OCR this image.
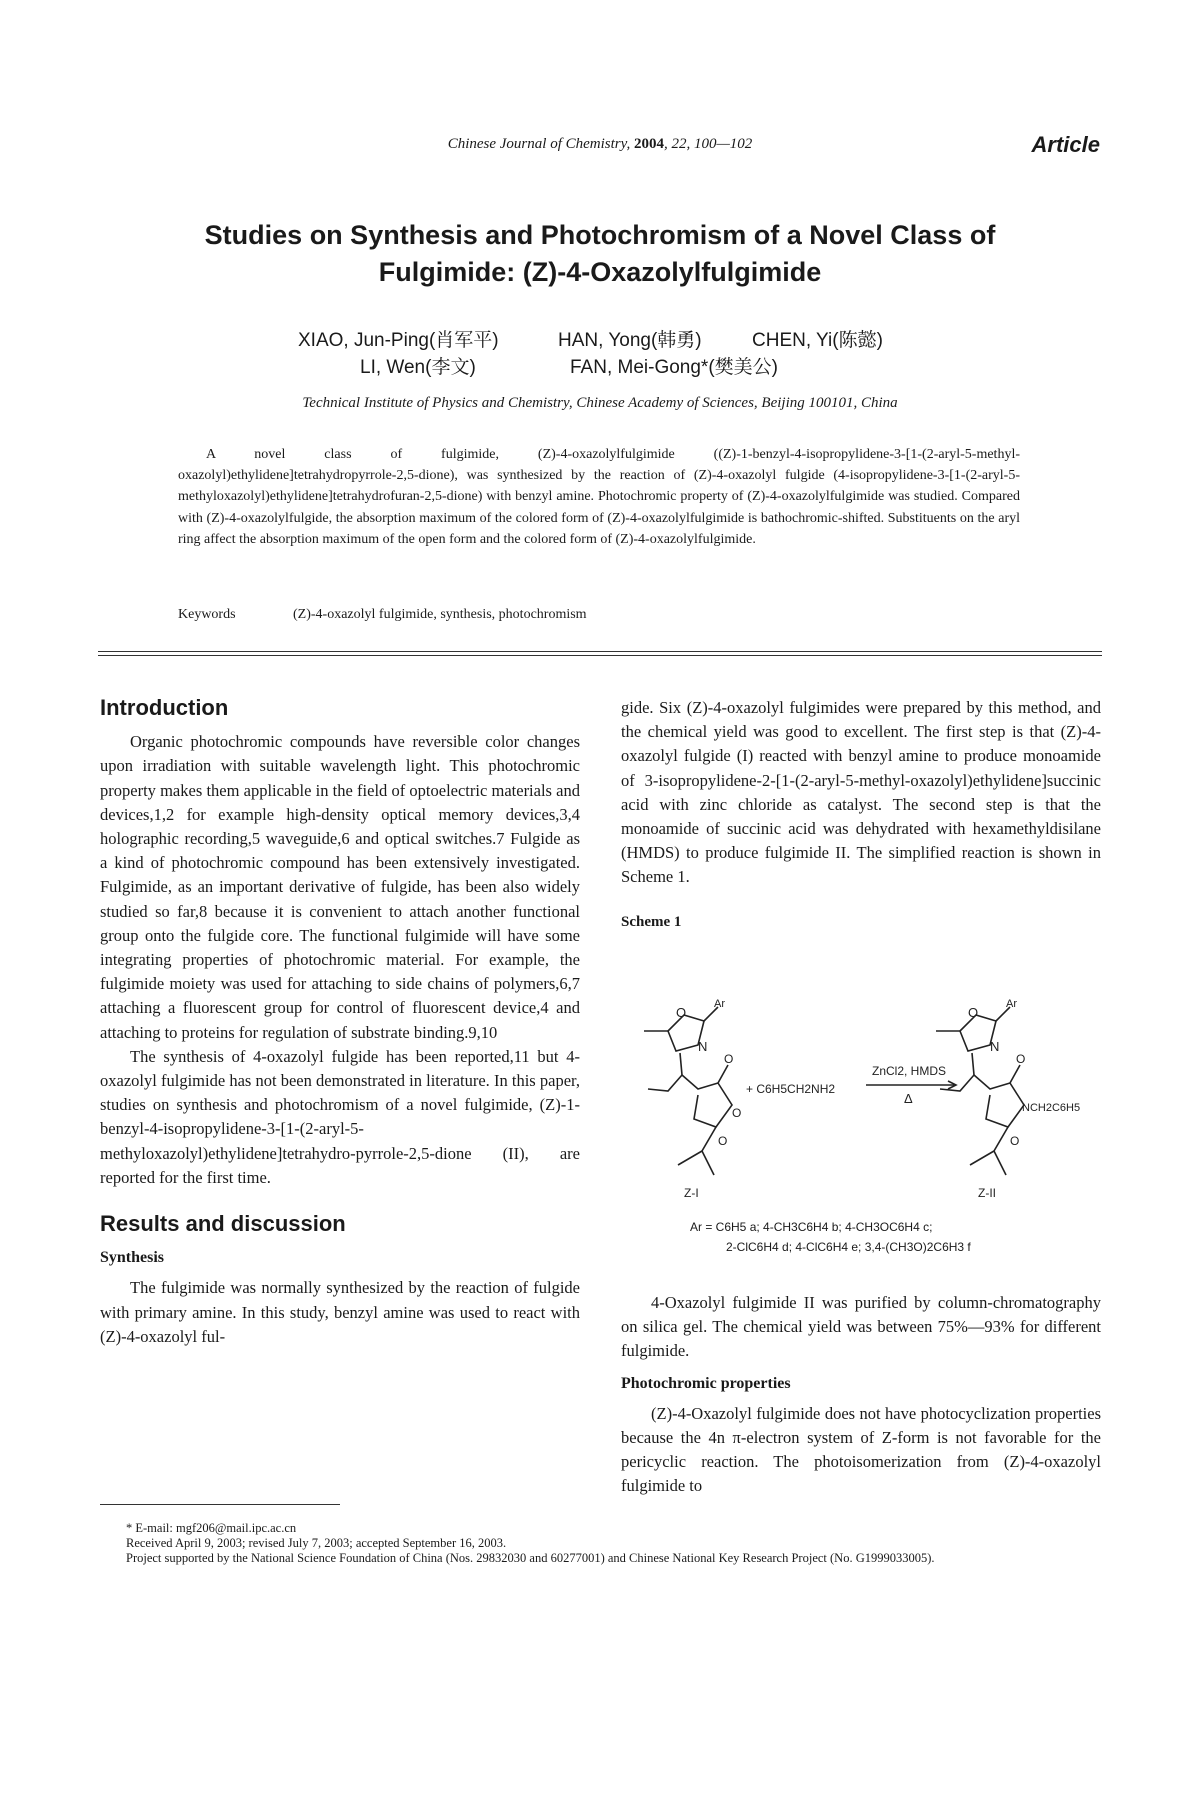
Chinese Journal of Chemistry, 2004, 22, 100—102	Article
Studies on Synthesis and Photochromism of a Novel Class of
Fulgimide: (Z)-4-Oxazolylfulgimide
XIAO, Jun-Ping(肖军平)	HAN, Yong(韩勇)	CHEN, Yi(陈懿)
LI, Wen(李文)	FAN, Mei-Gong*(樊美公)
Technical Institute of Physics and Chemistry, Chinese Academy of Sciences, Beijing 100101, China
A novel class of fulgimide, (Z)-4-oxazolylfulgimide ((Z)-1-benzyl-4-isopropylidene-3-[1-(2-aryl-5-methyl-oxazolyl)ethylidene]tetrahydropyrrole-2,5-dione), was synthesized by the reaction of (Z)-4-oxazolyl fulgide (4-isopropylidene-3-[1-(2-aryl-5-methyloxazolyl)ethylidene]tetrahydrofuran-2,5-dione) with benzyl amine. Photochromic property of (Z)-4-oxazolylfulgimide was studied. Compared with (Z)-4-oxazolylfulgide, the absorption maximum of the colored form of (Z)-4-oxazolylfulgimide is bathochromic-shifted. Substituents on the aryl ring affect the absorption maximum of the open form and the colored form of (Z)-4-oxazolylfulgimide.
Keywords	(Z)-4-oxazolyl fulgimide, synthesis, photochromism
Introduction

Organic photochromic compounds have reversible color changes upon irradiation with suitable wavelength light. This photochromic property makes them applicable in the field of optoelectric materials and devices,1,2 for example high-density optical memory devices,3,4 holographic recording,5 waveguide,6 and optical switches.7 Fulgide as a kind of photochromic compound has been extensively investigated. Fulgimide, as an important derivative of fulgide, has been also widely studied so far,8 because it is convenient to attach another functional group onto the fulgide core. The functional fulgimide will have some integrating properties of photochromic material. For example, the fulgimide moiety was used for attaching to side chains of polymers,6,7 attaching a fluorescent group for control of fluorescent device,4 and attaching to proteins for regulation of substrate binding.9,10

The synthesis of 4-oxazolyl fulgide has been reported,11 but 4-oxazolyl fulgimide has not been demonstrated in literature. In this paper, studies on synthesis and photochromism of a novel fulgimide, (Z)-1-benzyl-4-isopropylidene-3-[1-(2-aryl-5-methyloxazolyl)ethylidene]tetrahydro-pyrrole-2,5-dione (II), are reported for the first time.

Results and discussion
Synthesis

The fulgimide was normally synthesized by the reaction of fulgide with primary amine. In this study, benzyl amine was used to react with (Z)-4-oxazolyl ful-

gide. Six (Z)-4-oxazolyl fulgimides were prepared by this method, and the chemical yield was good to excellent. The first step is that (Z)-4-oxazolyl fulgide (I) reacted with benzyl amine to produce monoamide of 3-isopropylidene-2-[1-(2-aryl-5-methyl-oxazolyl)ethylidene]succinic acid with zinc chloride as catalyst. The second step is that the monoamide of succinic acid was dehydrated with hexamethyldisilane (HMDS) to produce fulgimide II. The simplified reaction is shown in Scheme 1.

Scheme 1
O
Ar
N
O
O
O
Z-I
+ C6H5CH2NH2
ZnCl2, HMDS
Δ
O
Ar
N
O
NCH2C6H5
O
Z-II
Ar = C6H5 a; 4-CH3C6H4 b; 4-CH3OC6H4 c;
2-ClC6H4 d; 4-ClC6H4 e; 3,4-(CH3O)2C6H3 f

4-Oxazolyl fulgimide II was purified by column-chromatography on silica gel. The chemical yield was between 75%—93% for different fulgimide.

Photochromic properties

(Z)-4-Oxazolyl fulgimide does not have photocyclization properties because the 4n π-electron system of Z-form is not favorable for the pericyclic reaction. The photoisomerization from (Z)-4-oxazolyl fulgimide to

* E-mail: mgf206@mail.ipc.ac.cn

Received April 9, 2003; revised July 7, 2003; accepted September 16, 2003.

Project supported by the National Science Foundation of China (Nos. 29832030 and 60277001) and Chinese National Key Research Project (No. G1999033005).
